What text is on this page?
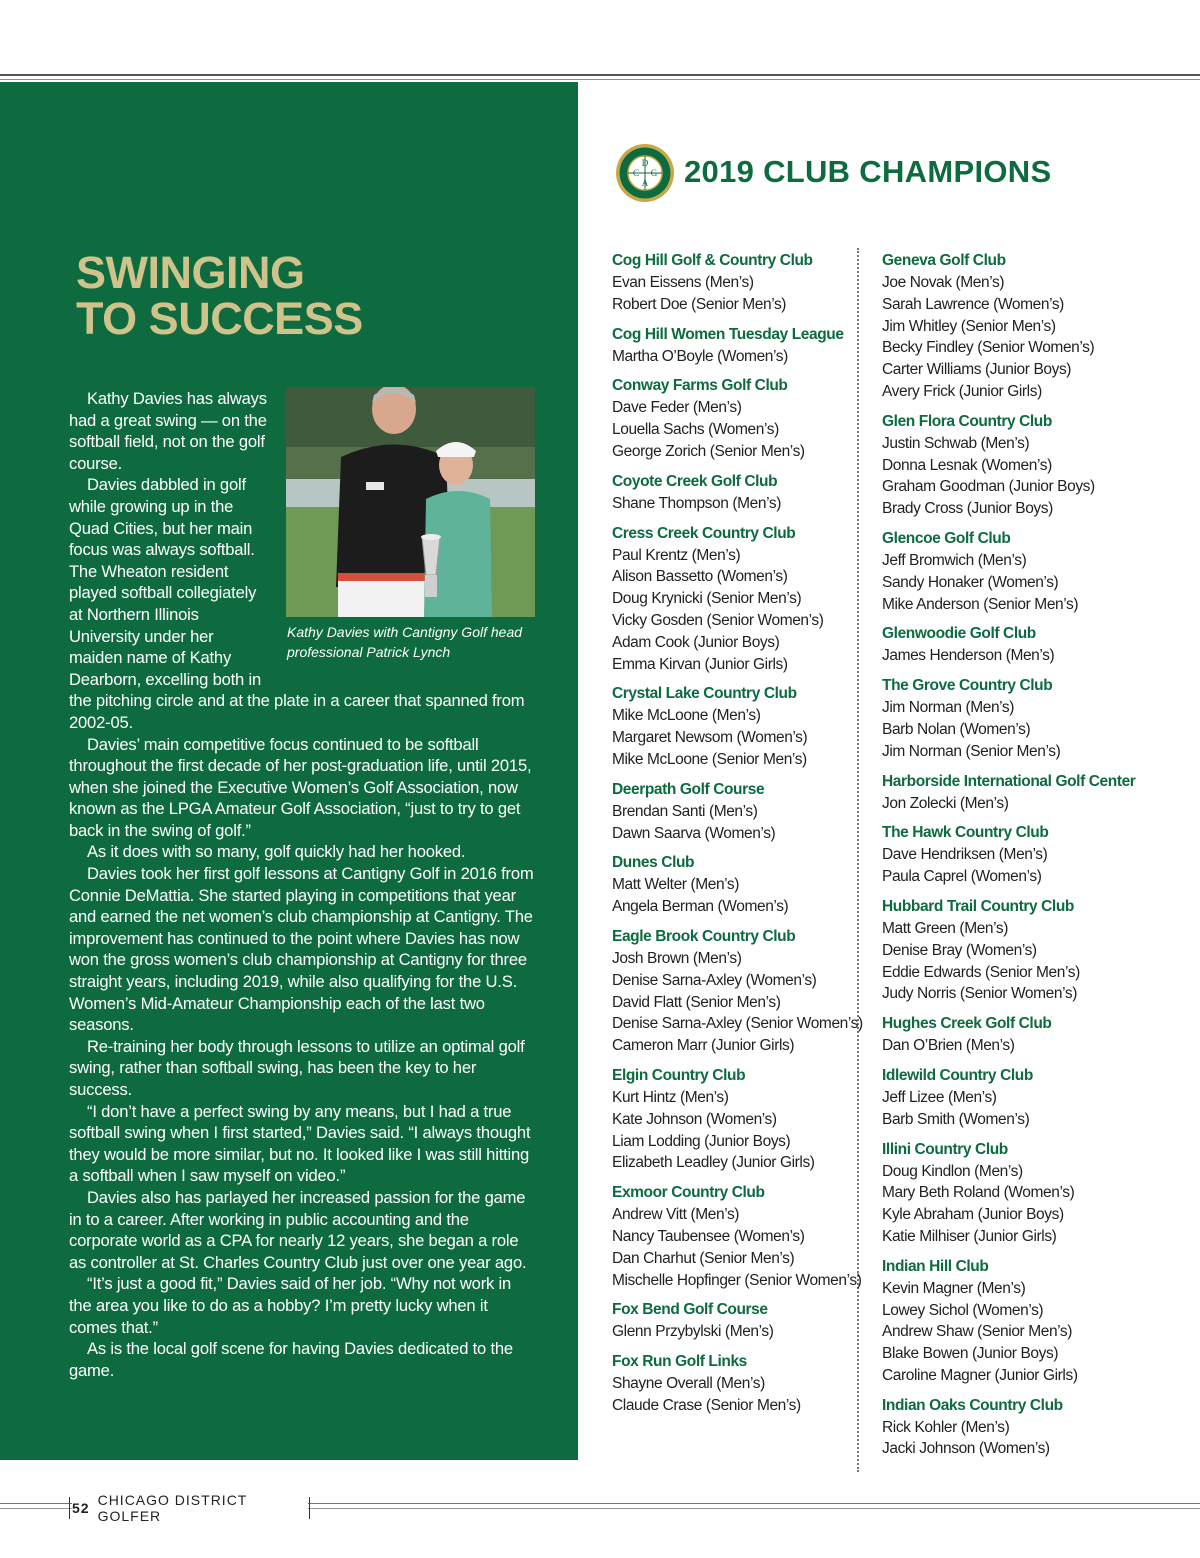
SWINGING
TO SUCCESS

Kathy Davies has always had a great swing — on the softball field, not on the golf course.

Davies dabbled in golf while growing up in the Quad Cities, but her main focus was always softball. The Wheaton resident played softball collegiately at Northern Illinois University under her maiden name of Kathy Dearborn, excelling both in the pitching circle and at the plate in a career that spanned from 2002-05.

Davies’ main competitive focus continued to be softball throughout the first decade of her post-graduation life, until 2015, when she joined the Executive Women’s Golf Association, now known as the LPGA Amateur Golf Association, “just to try to get back in the swing of golf.”

As it does with so many, golf quickly had her hooked.

Davies took her first golf lessons at Cantigny Golf in 2016 from Connie DeMattia. She started playing in competitions that year and earned the net women’s club championship at Cantigny. The improvement has continued to the point where Davies has now won the gross women’s club championship at Cantigny for three straight years, including 2019, while also qualifying for the U.S. Women’s Mid-Amateur Championship each of the last two seasons.

Re-training her body through lessons to utilize an optimal golf swing, rather than softball swing, has been the key to her success.

“I don’t have a perfect swing by any means, but I had a true softball swing when I first started,” Davies said. “I always thought they would be more similar, but no. It looked like I was still hitting a softball when I saw myself on video.”

Davies also has parlayed her increased passion for the game in to a career. After working in public accounting and the corporate world as a CPA for nearly 12 years, she began a role as controller at St. Charles Country Club just over one year ago.

“It’s just a good fit,” Davies said of her job. “Why not work in the area you like to do as a hobby? I’m pretty lucky when it comes that.”

As is the local golf scene for having Davies dedicated to the game.

Kathy Davies with Cantigny Golf head professional Patrick Lynch
D
C G
A 2019 CLUB CHAMPIONS
Cog Hill Golf & Country Club
Evan Eissens (Men’s)
Robert Doe (Senior Men’s)
Cog Hill Women Tuesday League
Martha O’Boyle (Women’s)
Conway Farms Golf Club
Dave Feder (Men’s)
Louella Sachs (Women’s)
George Zorich (Senior Men’s)
Coyote Creek Golf Club
Shane Thompson (Men’s)
Cress Creek Country Club
Paul Krentz (Men’s)
Alison Bassetto (Women’s)
Doug Krynicki (Senior Men’s)
Vicky Gosden (Senior Women’s)
Adam Cook (Junior Boys)
Emma Kirvan (Junior Girls)
Crystal Lake Country Club
Mike McLoone (Men’s)
Margaret Newsom (Women’s)
Mike McLoone (Senior Men’s)
Deerpath Golf Course
Brendan Santi (Men’s)
Dawn Saarva (Women’s)
Dunes Club
Matt Welter (Men’s)
Angela Berman (Women’s)
Eagle Brook Country Club
Josh Brown (Men’s)
Denise Sarna-Axley (Women’s)
David Flatt (Senior Men’s)
Denise Sarna-Axley (Senior Women’s)
Cameron Marr (Junior Girls)
Elgin Country Club
Kurt Hintz (Men’s)
Kate Johnson (Women’s)
Liam Lodding (Junior Boys)
Elizabeth Leadley (Junior Girls)
Exmoor Country Club
Andrew Vitt (Men’s)
Nancy Taubensee (Women’s)
Dan Charhut (Senior Men’s)
Mischelle Hopfinger (Senior Women’s)
Fox Bend Golf Course
Glenn Przybylski (Men’s)
Fox Run Golf Links
Shayne Overall (Men’s)
Claude Crase (Senior Men’s)
Geneva Golf Club
Joe Novak (Men’s)
Sarah Lawrence (Women’s)
Jim Whitley (Senior Men’s)
Becky Findley (Senior Women’s)
Carter Williams (Junior Boys)
Avery Frick (Junior Girls)
Glen Flora Country Club
Justin Schwab (Men’s)
Donna Lesnak (Women’s)
Graham Goodman (Junior Boys)
Brady Cross (Junior Boys)
Glencoe Golf Club
Jeff Bromwich (Men’s)
Sandy Honaker (Women’s)
Mike Anderson (Senior Men’s)
Glenwoodie Golf Club
James Henderson (Men’s)
The Grove Country Club
Jim Norman (Men’s)
Barb Nolan (Women’s)
Jim Norman (Senior Men’s)
Harborside International Golf Center
Jon Zolecki (Men’s)
The Hawk Country Club
Dave Hendriksen (Men’s)
Paula Caprel (Women’s)
Hubbard Trail Country Club
Matt Green (Men’s)
Denise Bray (Women’s)
Eddie Edwards (Senior Men’s)
Judy Norris (Senior Women’s)
Hughes Creek Golf Club
Dan O’Brien (Men’s)
Idlewild Country Club
Jeff Lizee (Men’s)
Barb Smith (Women’s)
Illini Country Club
Doug Kindlon (Men’s)
Mary Beth Roland (Women’s)
Kyle Abraham (Junior Boys)
Katie Milhiser (Junior Girls)
Indian Hill Club
Kevin Magner (Men’s)
Lowey Sichol (Women’s)
Andrew Shaw (Senior Men’s)
Blake Bowen (Junior Boys)
Caroline Magner (Junior Girls)
Indian Oaks Country Club
Rick Kohler (Men’s)
Jacki Johnson (Women’s)
52 CHICAGO DISTRICT GOLFER
